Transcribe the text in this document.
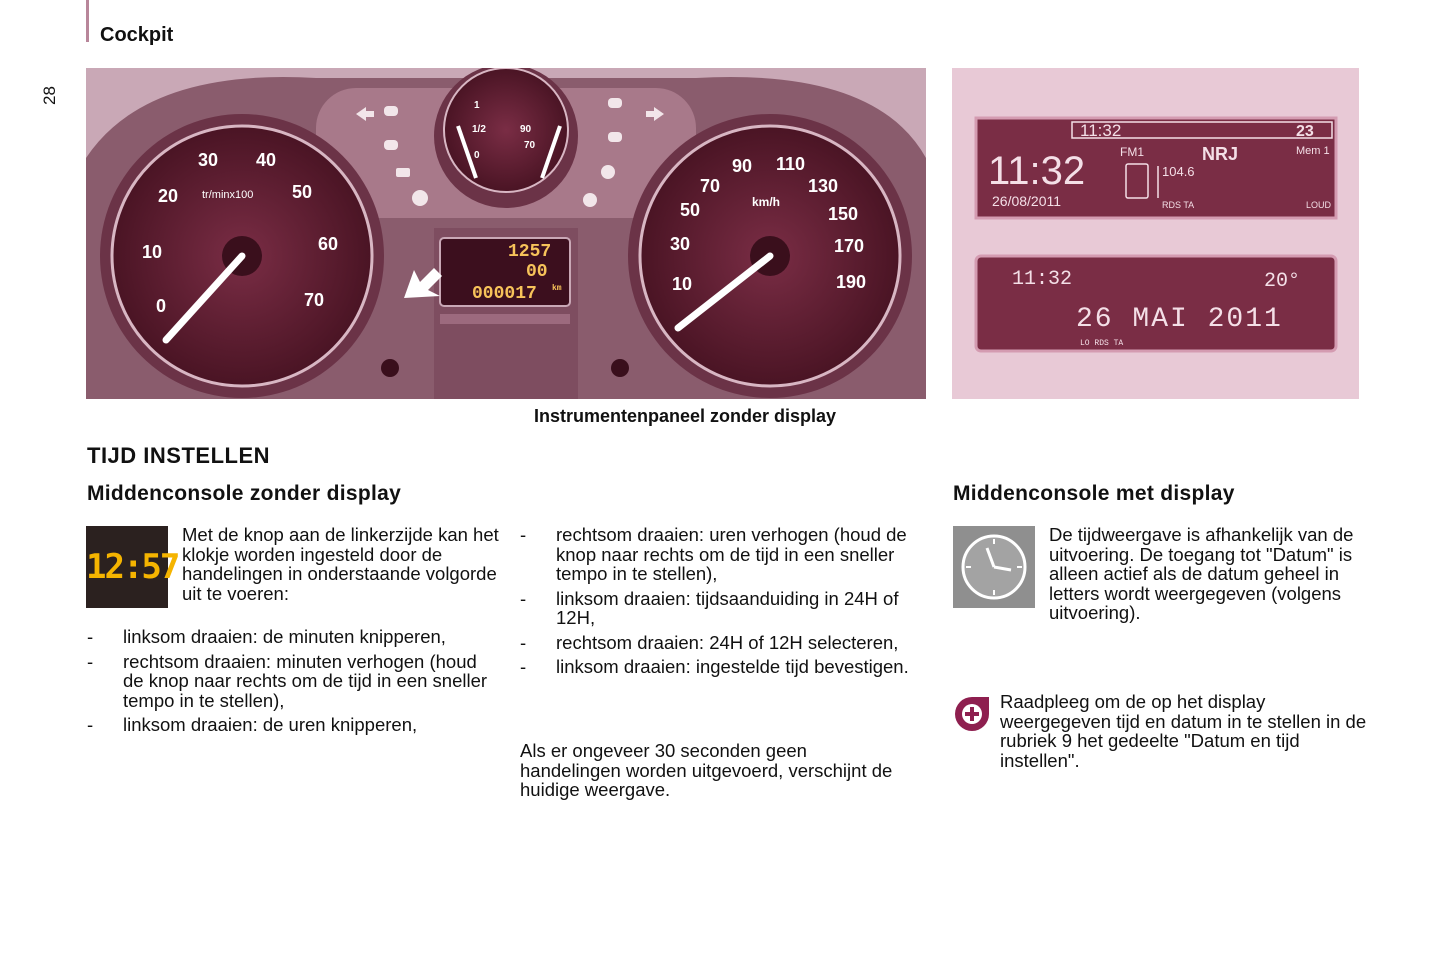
Cockpit
28
0
10
20
30 40
50
60
70
tr/minx100
10
30
50
70
90 110
130
150
170
190
km/h
1
1/2
0
90
70
1257
00
000017 km
11:32	23
11:32
26/08/2011
FM1	NRJ	Mem 1
104.6
RDS TA	LOUD
11:32	20°
26 MAI 2011
LO RDS TA
Instrumentenpaneel zonder display
TIJD INSTELLEN
Middenconsole zonder display
12:57
Met de knop aan de linkerzijde kan het klokje worden ingesteld door de handelingen in onderstaande volgorde uit te voeren:
- linksom draaien: de minuten knipperen,
- rechtsom draaien: minuten verhogen (houd de knop naar rechts om de tijd in een sneller tempo in te stellen),
- linksom draaien: de uren knipperen,
- rechtsom draaien: uren verhogen (houd de knop naar rechts om de tijd in een sneller tempo in te stellen),
- linksom draaien: tijdsaanduiding in 24H of 12H,
- rechtsom draaien: 24H of 12H selecteren,
- linksom draaien: ingestelde tijd bevestigen.
Als er ongeveer 30 seconden geen handelingen worden uitgevoerd, verschijnt de huidige weergave.
Middenconsole met display
De tijdweergave is afhankelijk van de uitvoering. De toegang tot "Datum" is alleen actief als de datum geheel in letters wordt weergegeven (volgens uitvoering).
Raadpleeg om de op het display weergegeven tijd en datum in te stellen in de rubriek 9 het gedeelte "Datum en tijd instellen".
